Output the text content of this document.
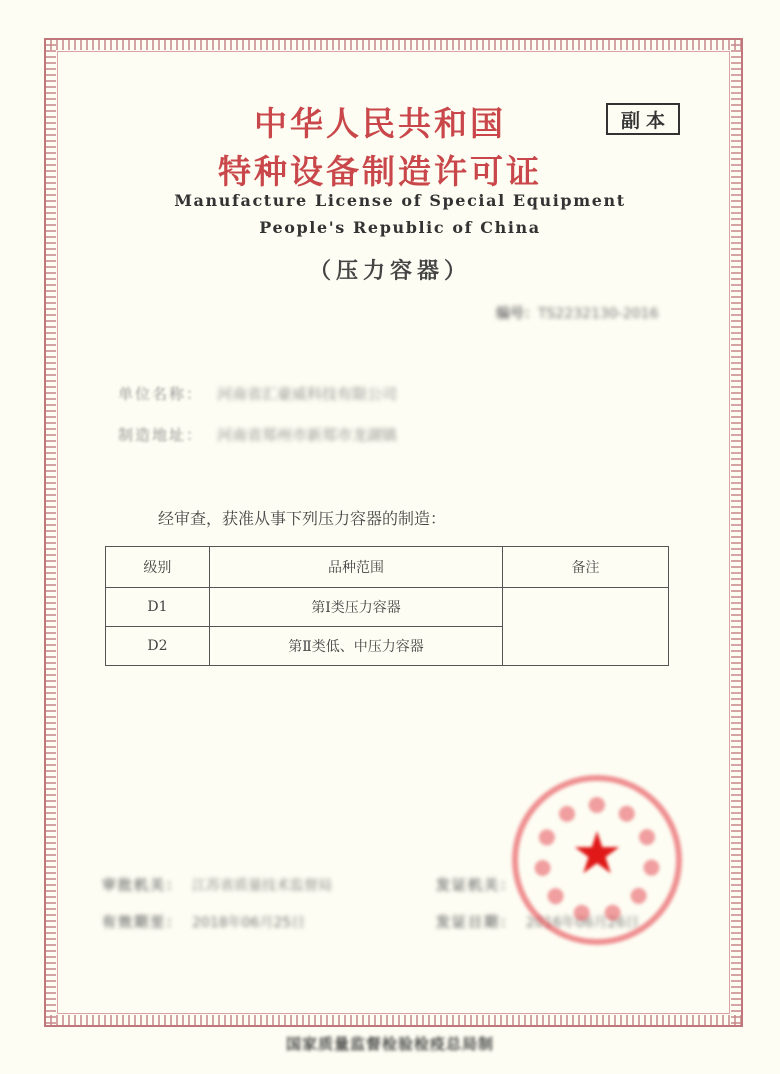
中华人民共和国
特种设备制造许可证
副本
Manufacture License of Special Equipment
People's Republic of China
（压力容器）
编号：TS2232130-2016
单位名称： 河南省汇豪威科技有限公司
制造地址： 河南省郑州市新郑市龙湖镇
经审查，获准从事下列压力容器的制造：
级别	品种范围	备注
D1	第Ⅰ类压力容器	
D2	第Ⅱ类低、中压力容器	
审批机关： 江苏省质量技术监督局
有效期至： 2018年06月25日
发证机关：
发证日期： 2016年06月26日
★
国家质量监督检验检疫总局制
